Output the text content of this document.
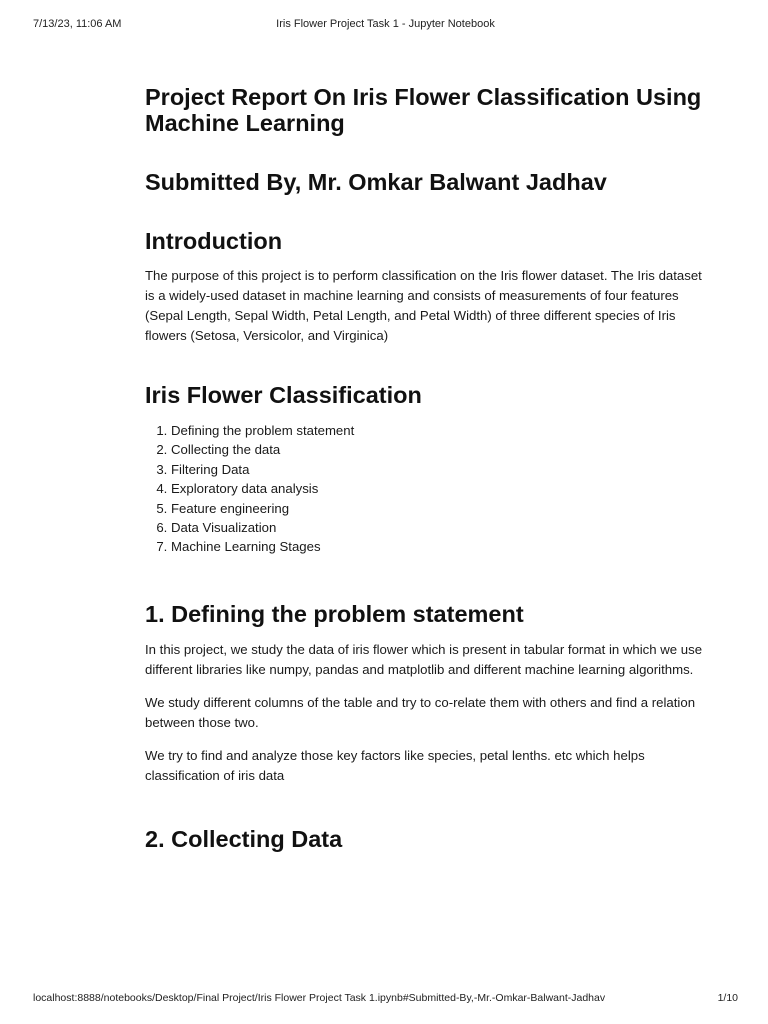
7/13/23, 11:06 AM	Iris Flower Project Task 1 - Jupyter Notebook
Project Report On Iris Flower Classification Using Machine Learning
Submitted By, Mr. Omkar Balwant Jadhav
Introduction

The purpose of this project is to perform classification on the Iris flower dataset. The Iris dataset is a widely-used dataset in machine learning and consists of measurements of four features (Sepal Length, Sepal Width, Petal Length, and Petal Width) of three different species of Iris flowers (Setosa, Versicolor, and Virginica)

Iris Flower Classification
1. Defining the problem statement
2. Collecting the data
3. Filtering Data
4. Exploratory data analysis
5. Feature engineering
6. Data Visualization
7. Machine Learning Stages
1. Defining the problem statement

In this project, we study the data of iris flower which is present in tabular format in which we use different libraries like numpy, pandas and matplotlib and different machine learning algorithms.

We study different columns of the table and try to co-relate them with others and find a relation between those two.

We try to find and analyze those key factors like species, petal lenths. etc which helps classification of iris data

2. Collecting Data
localhost:8888/notebooks/Desktop/Final Project/Iris Flower Project Task 1.ipynb#Submitted-By,-Mr.-Omkar-Balwant-Jadhav	1/10
